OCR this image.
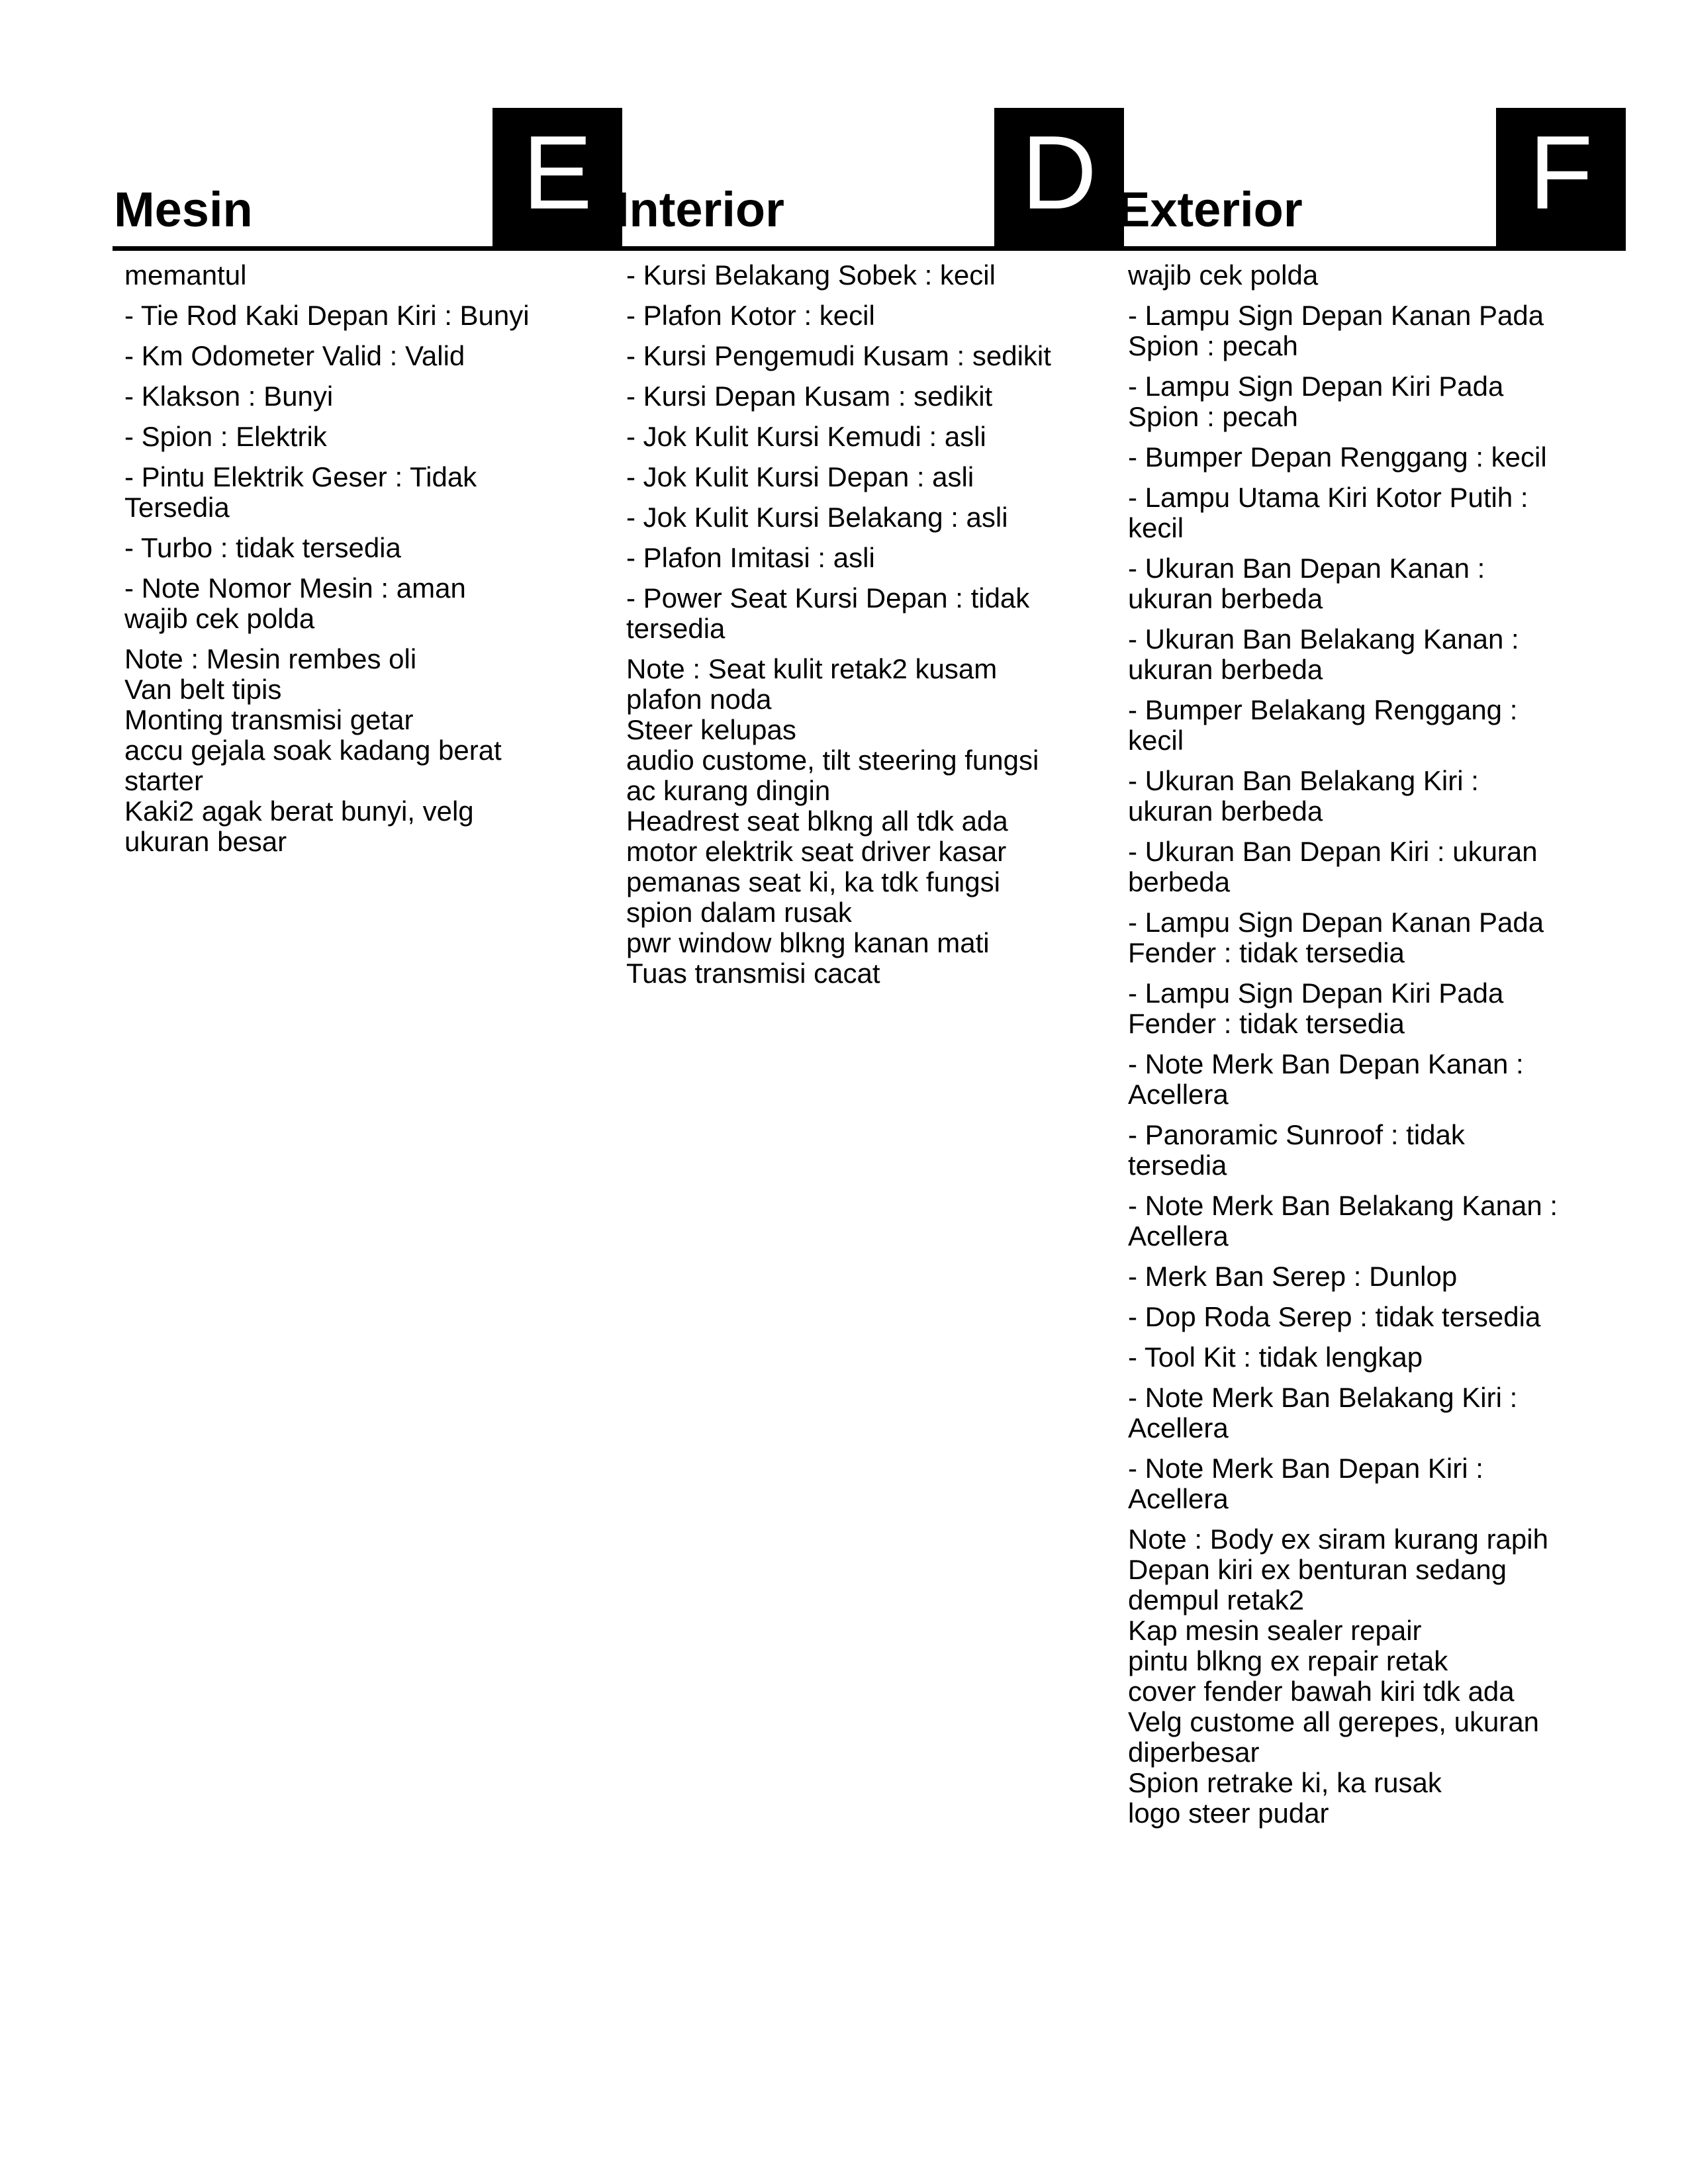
Mesin	E

memantul

- Tie Rod Kaki Depan Kiri : Bunyi

- Km Odometer Valid : Valid

- Klakson : Bunyi

- Spion : Elektrik

- Pintu Elektrik Geser : Tidak
Tersedia

- Turbo : tidak tersedia

- Note Nomor Mesin : aman
wajib cek polda

Note : Mesin rembes oli
Van belt tipis
Monting transmisi getar
accu gejala soak kadang berat
starter
Kaki2 agak berat bunyi, velg
ukuran besar

Interior D

- Kursi Belakang Sobek : kecil

- Plafon Kotor : kecil

- Kursi Pengemudi Kusam : sedikit

- Kursi Depan Kusam : sedikit

- Jok Kulit Kursi Kemudi : asli

- Jok Kulit Kursi Depan : asli

- Jok Kulit Kursi Belakang : asli

- Plafon Imitasi : asli

- Power Seat Kursi Depan : tidak
tersedia

Note : Seat kulit retak2 kusam
plafon noda
Steer kelupas
audio custome, tilt steering fungsi
ac kurang dingin
Headrest seat blkng all tdk ada
motor elektrik seat driver kasar
pemanas seat ki, ka tdk fungsi
spion dalam rusak
pwr window blkng kanan mati
Tuas transmisi cacat

Exterior	F

wajib cek polda

- Lampu Sign Depan Kanan Pada
Spion : pecah

- Lampu Sign Depan Kiri Pada
Spion : pecah

- Bumper Depan Renggang : kecil

- Lampu Utama Kiri Kotor Putih :
kecil

- Ukuran Ban Depan Kanan :
ukuran berbeda

- Ukuran Ban Belakang Kanan :
ukuran berbeda

- Bumper Belakang Renggang :
kecil

- Ukuran Ban Belakang Kiri :
ukuran berbeda

- Ukuran Ban Depan Kiri : ukuran
berbeda

- Lampu Sign Depan Kanan Pada
Fender : tidak tersedia

- Lampu Sign Depan Kiri Pada
Fender : tidak tersedia

- Note Merk Ban Depan Kanan :
Acellera

- Panoramic Sunroof : tidak
tersedia

- Note Merk Ban Belakang Kanan :
Acellera

- Merk Ban Serep : Dunlop

- Dop Roda Serep : tidak tersedia

- Tool Kit : tidak lengkap

- Note Merk Ban Belakang Kiri :
Acellera

- Note Merk Ban Depan Kiri :
Acellera

Note : Body ex siram kurang rapih
Depan kiri ex benturan sedang
dempul retak2
Kap mesin sealer repair
pintu blkng ex repair retak
cover fender bawah kiri tdk ada
Velg custome all gerepes, ukuran
diperbesar
Spion retrake ki, ka rusak
logo steer pudar
